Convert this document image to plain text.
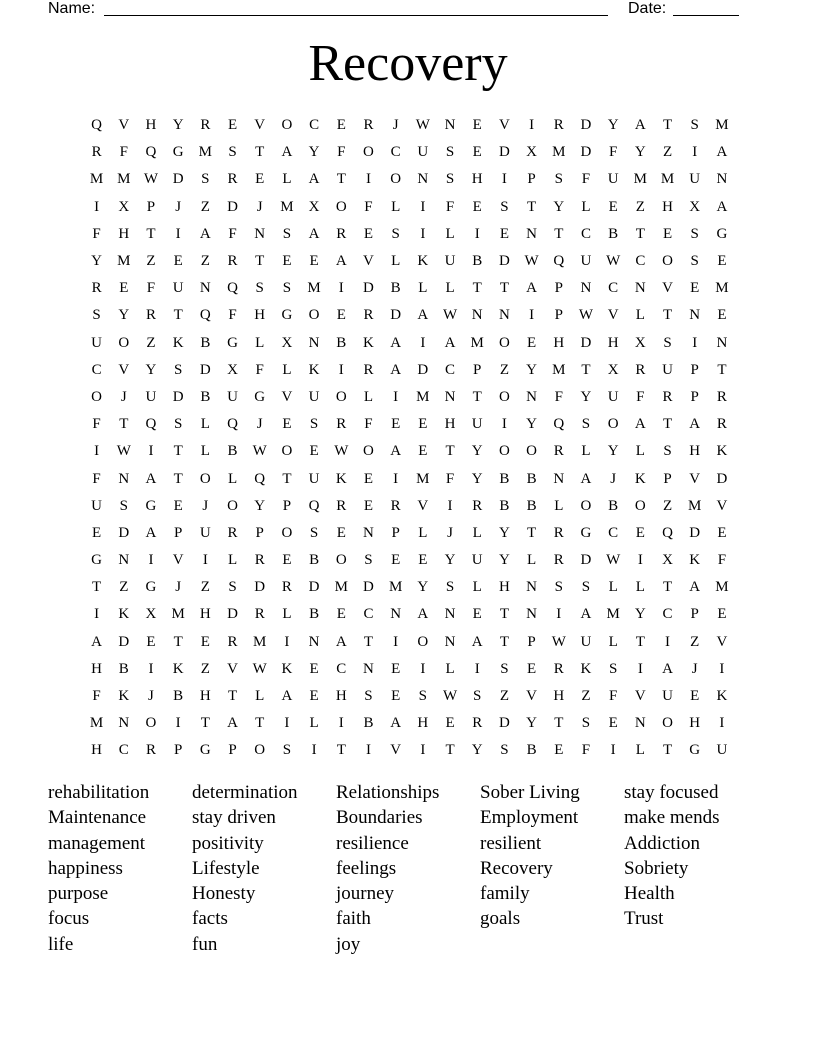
Name:	Date:
Recovery
Q	V	H	Y	R	E	V	O	C	E	R	J	W N	E	V	I	R	D	Y	A	T	S	M
R	F	Q	G	M	S	T	A	Y	F	O	C	U	S	E	D	X	M	D	F	Y	Z	I	A
M M W D	S	R	E	L	A	T	I	O	N	S	H	I	P	S	F	U	M M	U	N
I	X	P	J	Z	D	J	M	X	O	F	L	I	F	E	S	T	Y	L	E	Z	H	X	A
F	H	T	I	A	F	N	S	A	R	E	S	I	L	I	E	N	T	C	B	T	E	S	G
Y	M	Z	E	Z	R	T	E	E	A	V	L	K	U	B	D W Q	U W	C	O	S	E
R	E	F	U	N	Q	S	S	M	I	D	B	L	L	T	T	A	P	N	C	N	V	E	M
S	Y	R	T	Q	F	H	G	O	E	R	D	A W N	N	I	P	W V	L	T	N	E
U	O	Z	K	B	G	L	X	N	B	K	A	I	A	M	O	E	H	D	H	X	S	I	N
C	V	Y	S	D	X	F	L	K	I	R	A	D	C	P	Z	Y	M	T	X	R	U	P	T
O	J	U	D	B	U	G	V	U	O	L	I	M	N	T	O	N	F	Y	U	F	R	P	R
F	T	Q	S	L	Q	J	E	S	R	F	E	E	H	U	I	Y	Q	S	O	A	T	A	R
I	W	I	T	L	B	W O	E	W O	A	E	T	Y	O	O	R	L	Y	L	S	H	K
F	N	A	T	O	L	Q	T	U	K	E	I	M	F	Y	B	B	N	A	J	K	P	V	D
U	S	G	E	J	O	Y	P	Q	R	E	R	V	I	R	B	B	L	O	B	O	Z	M	V
E	D	A	P	U	R	P	O	S	E	N	P	L	J	L	Y	T	R	G	C	E	Q	D	E
G	N	I	V	I	L	R	E	B	O	S	E	E	Y	U	Y	L	R	D W	I	X	K	F
T	Z	G	J	Z	S	D	R	D	M	D	M	Y	S	L	H	N	S	S	L	L	T	A	M
I	K	X	M	H	D	R	L	B	E	C	N	A	N	E	T	N	I	A	M	Y	C	P	E
A	D	E	T	E	R	M	I	N	A	T	I	O	N	A	T	P	W U	L	T	I	Z	V
H	B	I	K	Z	V W K	E	C	N	E	I	L	I	S	E	R	K	S	I	A	J	I
F	K	J	B	H	T	L	A	E	H	S	E	S	W	S	Z	V	H	Z	F	V	U	E	K
M	N	O	I	T	A	T	I	L	I	B	A	H	E	R	D	Y	T	S	E	N	O	H	I
H	C	R	P	G	P	O	S	I	T	I	V	I	T	Y	S	B	E	F	I	L	T	G	U
rehabilitation
Maintenance
management
happiness
purpose
focus
life
determination
stay driven
positivity
Lifestyle
Honesty
facts
fun
Relationships
Boundaries
resilience
feelings
journey
faith
joy
Sober Living
Employment
resilient
Recovery
family
goals
stay focused
make mends
Addiction
Sobriety
Health
Trust
